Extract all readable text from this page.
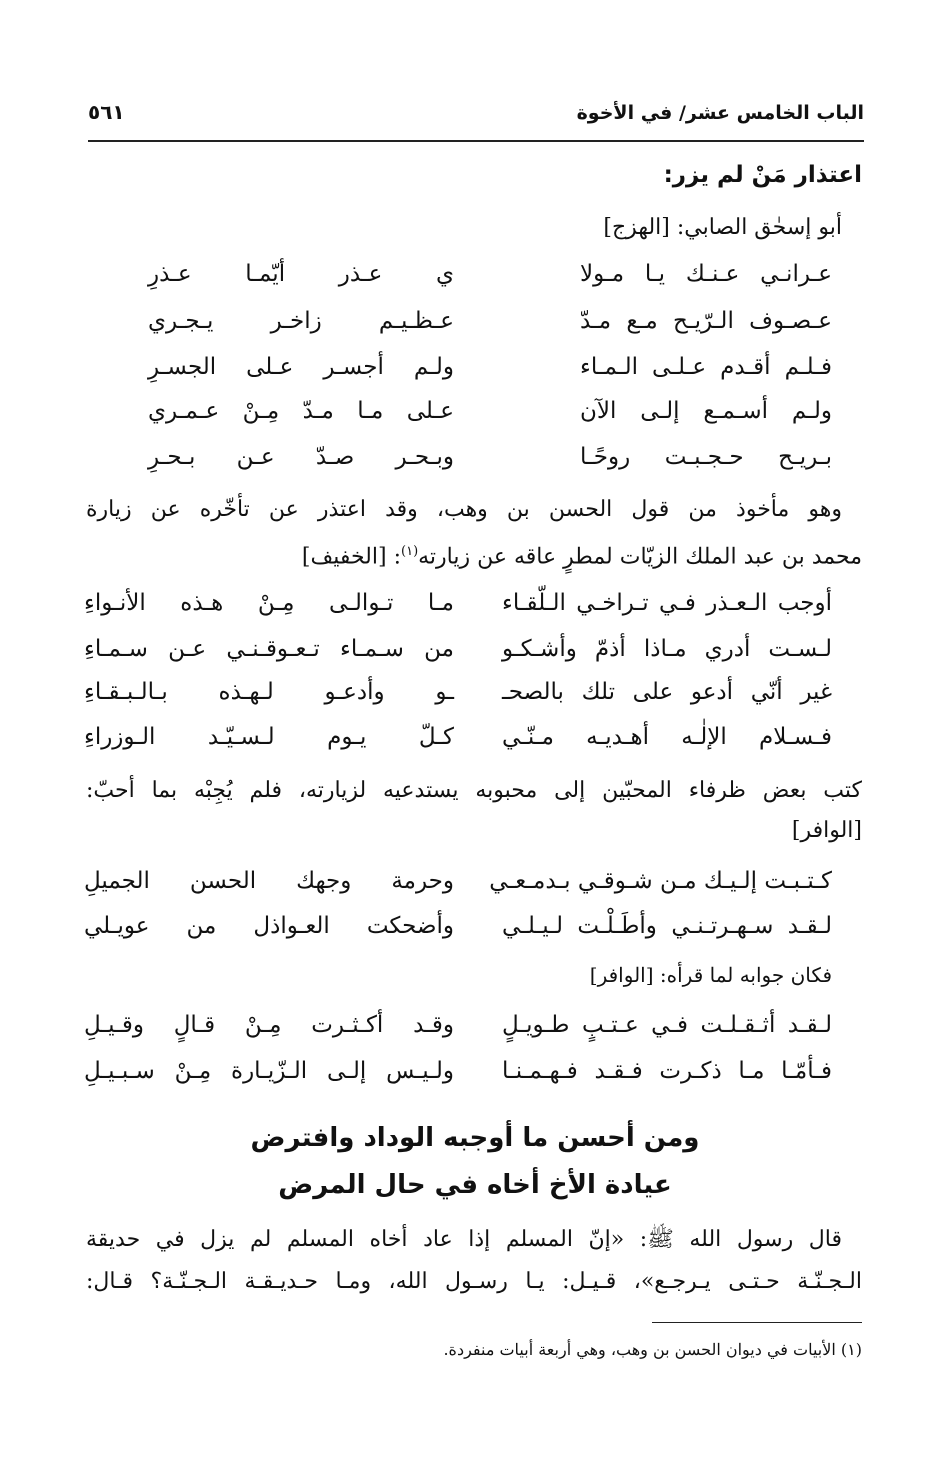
الباب الخامس عشر/ في الأخوة
٥٦١
اعتذار مَنْ لم يزر:
أبو إسحٰق الصابي: [الهزج]
عـرانـي عـنـك يـا مـولا
ي عـذر أيّمـا عـذرِ
عـصـوف الـرّيـح مـع مـدّ
عـظـيـم زاخـر يـجـري
فـلـم أقـدم عـلـى الـمـاء
ولـم أجسـر عـلى الجسـرِ
ولـم أسـمـع إلـى الآن
عـلى مـا مـدّ مِـنْ عـمـري
بـريـح حـجـبـت روحًـا
وبـحـر صـدّ عـن بـحـرِ
وهو مأخوذ من قول الحسن بن وهب، وقد اعتذر عن تأخّره عن زيارة
محمد بن عبد الملك الزيّات لمطرٍ عاقه عن زيارته$^{(١)}$: [الخفيف]
أوجب الـعـذر فـي تـراخـي الـلّقـاء
مـا تـوالـى مِـنْ هـذه الأنـواءِ
لـسـت أدري مـاذا أذمّ وأشـكـو
من سـمـاء تـعـوقـنـي عـن سـمـاءِ
غير أنّي أدعو على تلك بالصحـ
ـو وأدعـو لـهـذه بـالـبـقـاءِ
فـسـلام الإلٰـه أهـديـه مـنّـي
كـلّ يـوم لـسـيّـد الـوزراءِ
كتب بعض ظرفاء المحبّين إلى محبوبه يستدعيه لزيارته، فلم يُجِبْه بما أحبّ:
[الوافر]
كـتـبـت إلـيـك مـن شـوقـي بـدمـعـي
وحرمة وجهك الحسن الجميلِ
لـقـد سـهـرتـنـي وأطَـلْـت لـيـلـي
وأضحكت العـواذل من عويـلي
فكان جوابه لما قرأه: [الوافر]
لـقـد أثـقـلـت فـي عـتـبٍ طـويـلٍ
وقـد أكـثـرت مِـنْ قـالٍ وقـيـلِ
فـأمّـا مـا ذكـرت فـقـد فـهـمـنـا
ولـيـس إلـى الـزّيـارة مِـنْ سـبـيـلِ
ومن أحسن ما أوجبه الوداد وافترض
عيادة الأخ أخاه في حال المرض
قال رسول الله ﷺ: «إنّ المسلم إذا عاد أخاه المسلم لم يزل في حديقة
الـجـنّـة حـتـى يـرجـع»، قـيـل: يـا رسـول الله، ومـا حـديـقـة الـجـنّـة؟ قـال:
(١) الأبيات في ديوان الحسن بن وهب، وهي أربعة أبيات منفردة.
